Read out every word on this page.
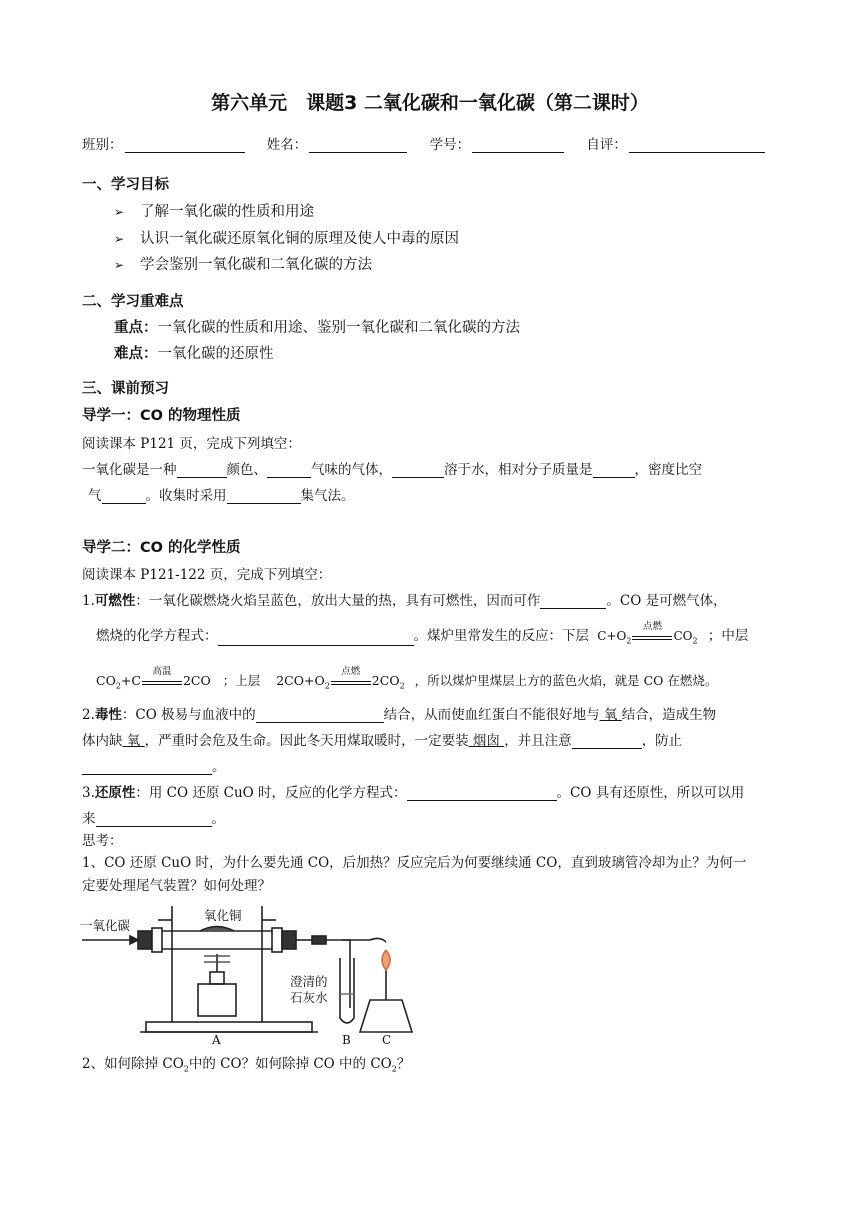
第六单元　课题3 二氧化碳和一氧化碳（第二课时）
班别：	姓名：	学号：	自评：
一、学习目标
➢ 了解一氧化碳的性质和用途
➢ 认识一氧化碳还原氧化铜的原理及使人中毒的原因
➢ 学会鉴别一氧化碳和二氧化碳的方法
二、学习重难点
重点：一氧化碳的性质和用途、鉴别一氧化碳和二氧化碳的方法
难点：一氧化碳的还原性
三、课前预习
导学一：CO 的物理性质
阅读课本 P121 页，完成下列填空：
一氧化碳是一种	颜色、	气味的气体，	溶于水，相对分子质量是	，密度比空
气	。收集时采用	集气法。
导学二：CO 的化学性质
阅读课本 P121-122 页，完成下列填空：
1.可燃性：一氧化碳燃烧火焰呈蓝色，放出大量的热，具有可燃性，因而可作	。CO 是可燃气体，
燃烧的化学方程式：	。煤炉里常发生的反应：下层 $C+O_2$
点燃
$CO_2$ ；中层
$CO_2+C$
高温
2CO ；上层 $2CO+O_2$
点燃
$2CO_2$ ，所以煤炉里煤层上方的蓝色火焰，就是 CO 在燃烧。
2.毒性：CO 极易与血液中的	结合，从而使血红蛋白不能很好地与 氧 结合，造成生物
体内缺 氧 ，严重时会危及生命。因此冬天用煤取暖时，一定要装 烟囱 ，并且注意	，防止
。
3.还原性：用 CO 还原 CuO 时，反应的化学方程式：	。CO 具有还原性，所以可以用
来	。
思考：
1、CO 还原 CuO 时，为什么要先通 CO，后加热？反应完后为何要继续通 CO，直到玻璃管冷却为止？为何一
定要处理尾气装置？如何处理？
一氧化碳
氧化铜
澄清的
石灰水
A	B	C
2、如何除掉 $CO_2$中的 CO？如何除掉 CO 中的 $CO_2$？
